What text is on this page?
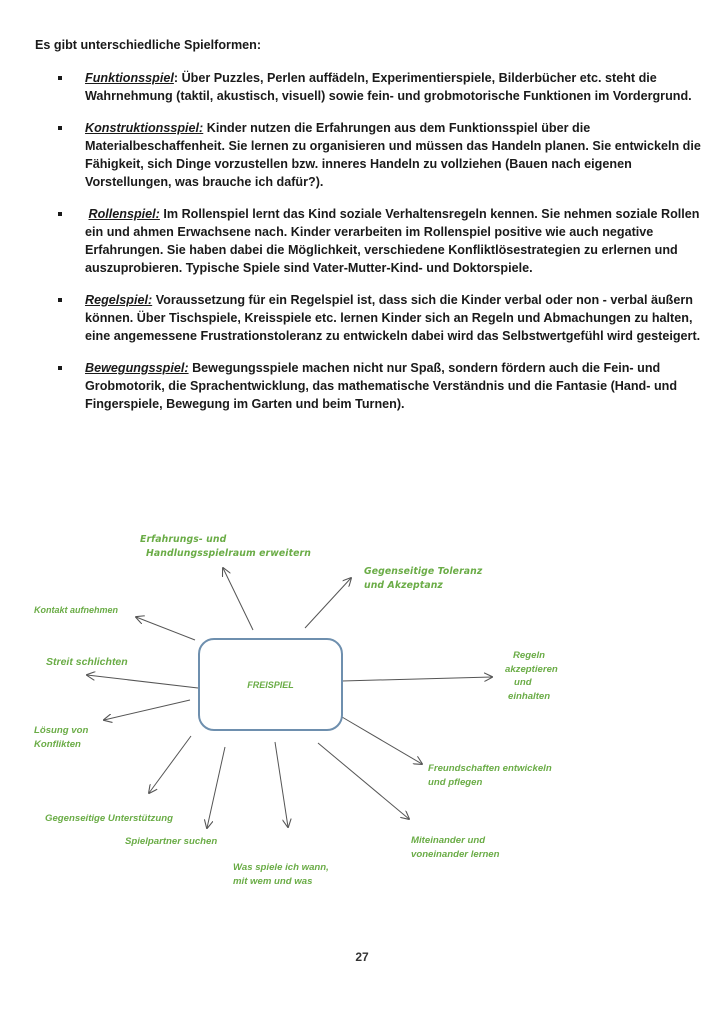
Es gibt unterschiedliche Spielformen:

Funktionsspiel: Über Puzzles, Perlen auffädeln, Experimentierspiele, Bilderbücher etc. steht die Wahrnehmung (taktil, akustisch, visuell) sowie fein- und grobmotorische Funktionen im Vordergrund.
Konstruktionsspiel: Kinder nutzen die Erfahrungen aus dem Funktionsspiel über die Materialbeschaffenheit. Sie lernen zu organisieren und müssen das Handeln planen. Sie entwickeln die Fähigkeit, sich Dinge vorzustellen bzw. inneres Handeln zu vollziehen (Bauen nach eigenen Vorstellungen, was brauche ich dafür?).
Rollenspiel: Im Rollenspiel lernt das Kind soziale Verhaltensregeln kennen. Sie nehmen soziale Rollen ein und ahmen Erwachsene nach. Kinder verarbeiten im Rollenspiel positive wie auch negative Erfahrungen. Sie haben dabei die Möglichkeit, verschiedene Konfliktlösestrategien zu erlernen und auszuprobieren. Typische Spiele sind Vater-Mutter-Kind- und Doktorspiele.
Regelspiel: Voraussetzung für ein Regelspiel ist, dass sich die Kinder verbal oder non - verbal äußern können. Über Tischspiele, Kreisspiele etc. lernen Kinder sich an Regeln und Abmachungen zu halten, eine angemessene Frustrationstoleranz zu entwickeln dabei wird das Selbstwertgefühl wird gesteigert.
Bewegungsspiel: Bewegungsspiele machen nicht nur Spaß, sondern fördern auch die Fein- und Grobmotorik, die Sprachentwicklung, das mathematische Verständnis und die Fantasie (Hand- und Fingerspiele, Bewegung im Garten und beim Turnen).
FREISPIEL
Erfahrungs- und
Handlungsspielraum erweitern
Gegenseitige Toleranz
und Akzeptanz
Kontakt aufnehmen
Streit schlichten
Lösung von
Konflikten
Regeln
akzeptieren
und
einhalten
Freundschaften entwickeln
und pflegen
Miteinander und
voneinander lernen
Was spiele ich wann,
mit wem und was
Spielpartner suchen
Gegenseitige Unterstützung
27
